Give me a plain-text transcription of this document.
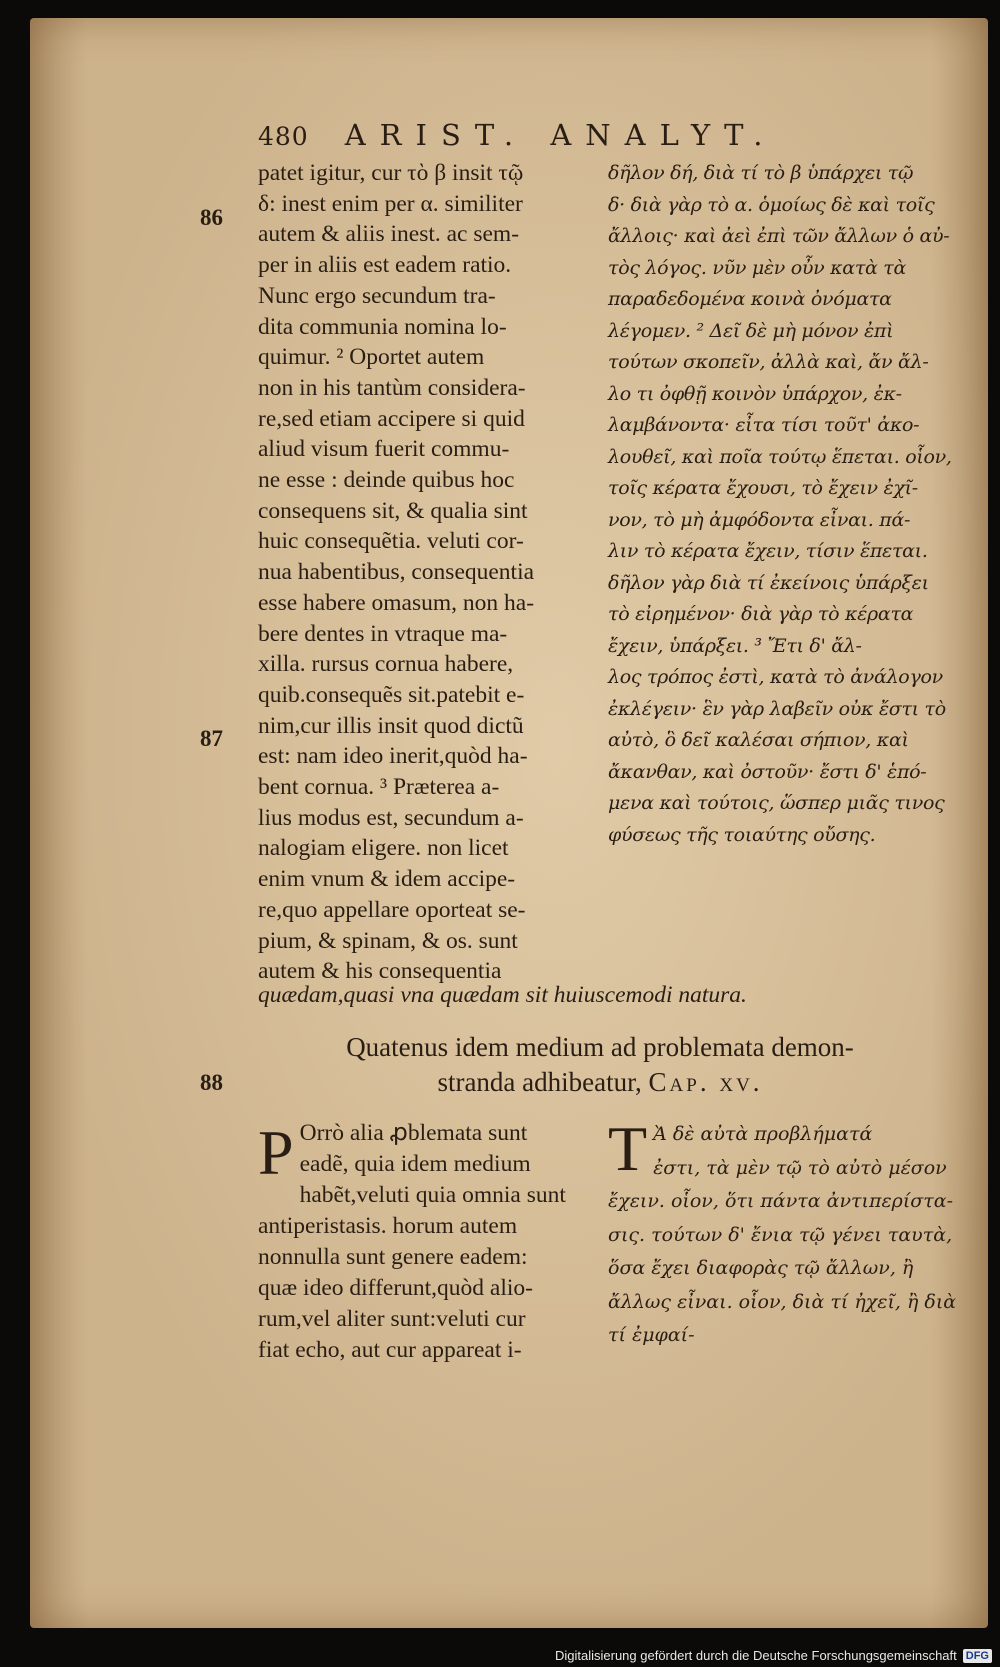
480 ARIST. ANALYT.
86
87
88
patet igitur, cur τὸ β insit τῷ
δ: inest enim per α. similiter
autem & aliis inest. ac sem-
per in aliis est eadem ratio.
Nunc ergo secundum tra-
dita communia nomina lo-
quimur. ² Oportet autem
non in his tantùm considera-
re,sed etiam accipere si quid
aliud visum fuerit commu-
ne esse : deinde quibus hoc
consequens sit, & qualia sint
huic consequẽtia. veluti cor-
nua habentibus, consequentia
esse habere omasum, non ha-
bere dentes in vtraque ma-
xilla. rursus cornua habere,
quib.consequẽs sit.patebit e-
nim,cur illis insit quod dictũ
est: nam ideo inerit,quòd ha-
bent cornua. ³ Præterea a-
lius modus est, secundum a-
nalogiam eligere. non licet
enim vnum & idem accipe-
re,quo appellare oporteat se-
pium, & spinam, & os. sunt
autem & his consequentia
δῆλον δή, διὰ τί τὸ β ὑπάρχει τῷ
δ· διὰ γὰρ τὸ α. ὁμοίως δὲ καὶ τοῖς
ἄλλοις· καὶ ἀεὶ ἐπὶ τῶν ἄλλων ὁ αὐ-
τὸς λόγος. νῦν μὲν οὖν κατὰ τὰ
παραδεδομένα κοινὰ ὀνόματα
λέγομεν. ² Δεῖ δὲ μὴ μόνον ἐπὶ
τούτων σκοπεῖν, ἀλλὰ καὶ, ἄν ἄλ-
λο τι ὀφθῇ κοινὸν ὑπάρχον, ἐκ-
λαμβάνοντα· εἶτα τίσι τοῦτ' ἀκο-
λουθεῖ, καὶ ποῖα τούτῳ ἕπεται. οἷον,
τοῖς κέρατα ἔχουσι, τὸ ἔχειν ἐχῖ-
νον, τὸ μὴ ἀμφόδοντα εἶναι. πά-
λιν τὸ κέρατα ἔχειν, τίσιν ἕπεται.
δῆλον γὰρ διὰ τί ἐκείνοις ὑπάρξει
τὸ εἰρημένον· διὰ γὰρ τὸ κέρατα
ἔχειν, ὑπάρξει. ³ Ἔτι δ' ἄλ-
λος τρόπος ἐστὶ, κατὰ τὸ ἀνάλογον
ἐκλέγειν· ἓν γὰρ λαβεῖν οὐκ ἔστι τὸ
αὐτὸ, ὃ δεῖ καλέσαι σήπιον, καὶ
ἄκανθαν, καὶ ὀστοῦν· ἔστι δ' ἑπό-
μενα καὶ τούτοις, ὥσπερ μιᾶς τινος
φύσεως τῆς τοιαύτης οὔσης.
quædam,quasi vna quædam sit huiuscemodi natura.
Quatenus idem medium ad problemata demon-
stranda adhibeatur, Cap. xv.
P Orrò alia ꝓblemata sunt
eadẽ, quia idem medium
habẽt,veluti quia omnia sunt
antiperistasis. horum autem
nonnulla sunt genere eadem:
quæ ideo differunt,quòd alio-
rum,vel aliter sunt:veluti cur
fiat echo, aut cur appareat i-
T Ὰ δὲ αὐτὰ προβλήματά
ἐστι, τὰ μὲν τῷ τὸ αὐτὸ μέσον
ἔχειν. οἷον, ὅτι πάντα ἀντιπερίστα-
σις. τούτων δ' ἔνια τῷ γένει ταυτὰ,
ὅσα ἔχει διαφορὰς τῷ ἄλλων, ἢ
ἄλλως εἶναι. οἷον, διὰ τί ἠχεῖ, ἢ διὰ
τί ἐμφαί-
Digitalisierung gefördert durch die Deutsche Forschungsgemeinschaft DFG
